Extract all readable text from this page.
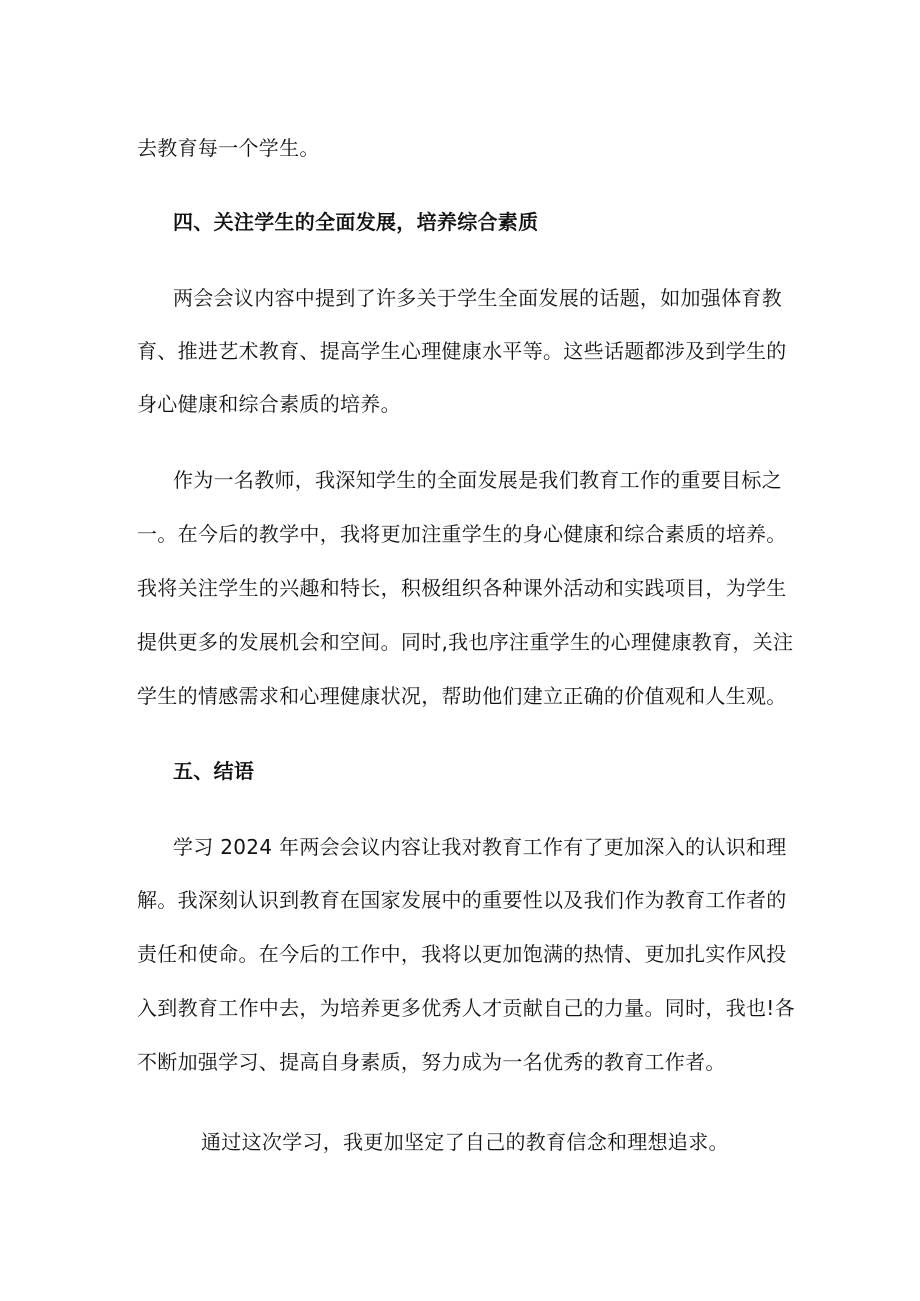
去教育每一个学生。
四、关注学生的全面发展，培养综合素质
两会会议内容中提到了许多关于学生全面发展的话题，如加强体育教
育、推进艺术教育、提高学生心理健康水平等。这些话题都涉及到学生的
身心健康和综合素质的培养。
作为一名教师，我深知学生的全面发展是我们教育工作的重要目标之
一。在今后的教学中，我将更加注重学生的身心健康和综合素质的培养。
我将关注学生的兴趣和特长，积极组织各种课外活动和实践项目，为学生
提供更多的发展机会和空间。同时,我也序注重学生的心理健康教育，关注
学生的情感需求和心理健康状况，帮助他们建立正确的价值观和人生观。
五、结语
学习 2024 年两会会议内容让我对教育工作有了更加深入的认识和理
解。我深刻认识到教育在国家发展中的重要性以及我们作为教育工作者的
责任和使命。在今后的工作中，我将以更加饱满的热情、更加扎实作风投
入到教育工作中去，为培养更多优秀人才贡献自己的力量。同时，我也!各
不断加强学习、提高自身素质，努力成为一名优秀的教育工作者。
通过这次学习，我更加坚定了自己的教育信念和理想追求。
